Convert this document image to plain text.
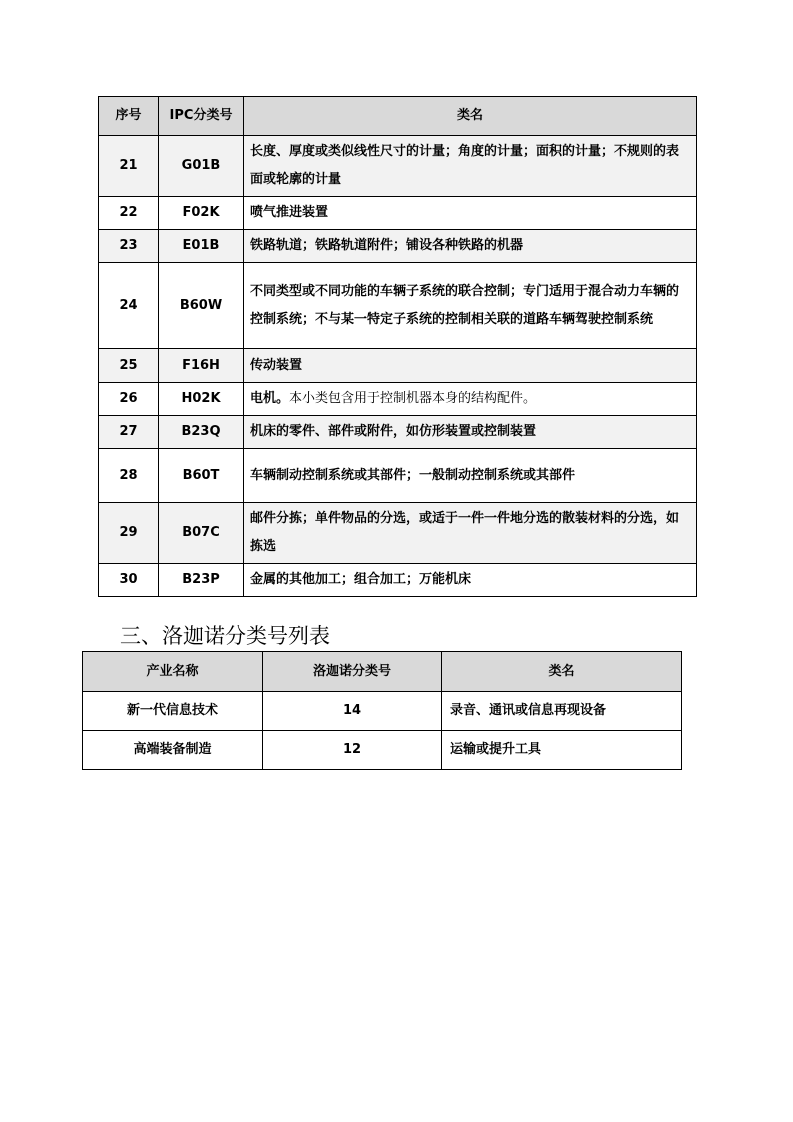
序号	IPC分类号	类名
21	G01B	长度、厚度或类似线性尺寸的计量；角度的计量；面积的计量；不规则的表面或轮廓的计量
22	F02K	喷气推进装置
23	E01B	铁路轨道；铁路轨道附件；铺设各种铁路的机器
24	B60W	不同类型或不同功能的车辆子系统的联合控制；专门适用于混合动力车辆的控制系统；不与某一特定子系统的控制相关联的道路车辆驾驶控制系统
25	F16H	传动装置
26	H02K	电机。本小类包含用于控制机器本身的结构配件。
27	B23Q	机床的零件、部件或附件，如仿形装置或控制装置
28	B60T	车辆制动控制系统或其部件；一般制动控制系统或其部件
29	B07C	邮件分拣；单件物品的分选，或适于一件一件地分选的散装材料的分选，如拣选
30	B23P	金属的其他加工；组合加工；万能机床
三、洛迦诺分类号列表
产业名称	洛迦诺分类号	类名
新一代信息技术	14	录音、通讯或信息再现设备
高端装备制造	12	运输或提升工具
